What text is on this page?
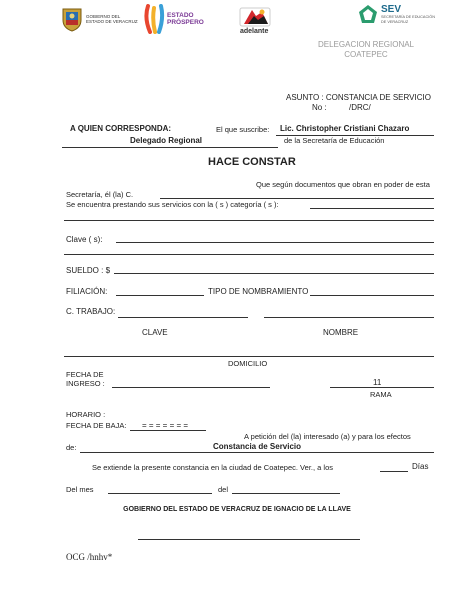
GOBIERNO DEL
ESTADO DE VERACRUZ
ESTADO
PRÓSPERO
adelante
SEV
SECRETARÍA DE EDUCACIÓN
DE VERACRUZ
DELEGACION REGIONAL
COATEPEC
ASUNTO : CONSTANCIA DE SERVICIO
No :	/DRC/
A QUIEN CORRESPONDA:	El que suscribe: Lic. Christopher Cristiani Chazaro
Delegado Regional	de la Secretaría de Educación
HACE CONSTAR
Que según documentos que obran en poder de esta
Secretaría, él (la) C.
Se encuentra prestando sus servicios con la ( s ) categoría ( s ):
Clave ( s):
SUELDO : $
FILIACIÓN:	TIPO DE NOMBRAMIENTO
C. TRABAJO:
CLAVE	NOMBRE
DOMICILIO
FECHA DE
INGRESO :	11
RAMA
HORARIO :
FECHA DE BAJA: = = = = = = =
A petición del (la) interesado (a) y para los efectos
de:	Constancia de Servicio
Se extiende la presente constancia en la ciudad de Coatepec. Ver., a los	Días
Del mes	del
GOBIERNO DEL ESTADO DE VERACRUZ DE IGNACIO DE LA LLAVE
OCG /hnhv*
